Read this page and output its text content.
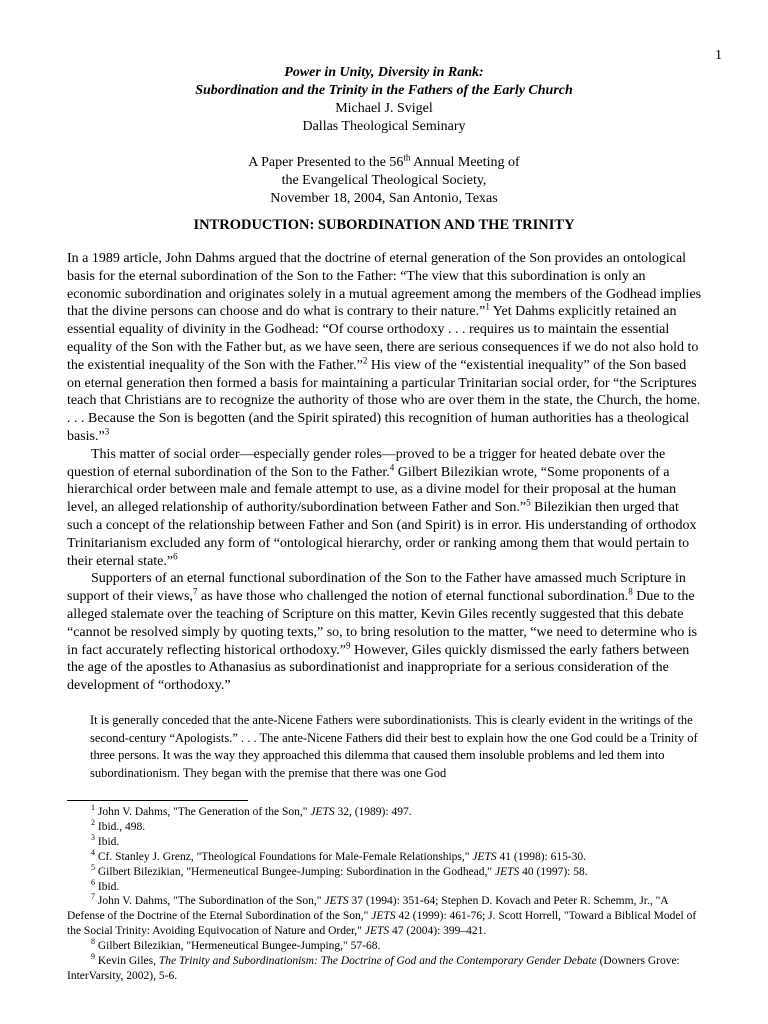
1
Power in Unity, Diversity in Rank:
Subordination and the Trinity in the Fathers of the Early Church
Michael J. Svigel
Dallas Theological Seminary
A Paper Presented to the 56th Annual Meeting of
the Evangelical Theological Society,
November 18, 2004, San Antonio, Texas
INTRODUCTION: SUBORDINATION AND THE TRINITY

In a 1989 article, John Dahms argued that the doctrine of eternal generation of the Son provides an ontological basis for the eternal subordination of the Son to the Father: “The view that this subordination is only an economic subordination and originates solely in a mutual agreement among the members of the Godhead implies that the divine persons can choose and do what is contrary to their nature.”$^1$ Yet Dahms explicitly retained an essential equality of divinity in the Godhead: “Of course orthodoxy . . . requires us to maintain the essential equality of the Son with the Father but, as we have seen, there are serious consequences if we do not also hold to the existential inequality of the Son with the Father.”$^2$ His view of the “existential inequality” of the Son based on eternal generation then formed a basis for maintaining a particular Trinitarian social order, for “the Scriptures teach that Christians are to recognize the authority of those who are over them in the state, the Church, the home. . . . Because the Son is begotten (and the Spirit spirated) this recognition of human authorities has a theological basis.”$^3$

This matter of social order—especially gender roles—proved to be a trigger for heated debate over the question of eternal subordination of the Son to the Father.$^4$ Gilbert Bilezikian wrote, “Some proponents of a hierarchical order between male and female attempt to use, as a divine model for their proposal at the human level, an alleged relationship of authority/subordination between Father and Son.”$^5$ Bilezikian then urged that such a concept of the relationship between Father and Son (and Spirit) is in error. His understanding of orthodox Trinitarianism excluded any form of “ontological hierarchy, order or ranking among them that would pertain to their eternal state.”$^6$

Supporters of an eternal functional subordination of the Son to the Father have amassed much Scripture in support of their views,$^7$ as have those who challenged the notion of eternal functional subordination.$^8$ Due to the alleged stalemate over the teaching of Scripture on this matter, Kevin Giles recently suggested that this debate “cannot be resolved simply by quoting texts,” so, to bring resolution to the matter, “we need to determine who is in fact accurately reflecting historical orthodoxy.”$^9$ However, Giles quickly dismissed the early fathers between the age of the apostles to Athanasius as subordinationist and inappropriate for a serious consideration of the development of “orthodoxy.”

It is generally conceded that the ante-Nicene Fathers were subordinationists. This is clearly evident in the writings of the second-century “Apologists.” . . . The ante-Nicene Fathers did their best to explain how the one God could be a Trinity of three persons. It was the way they approached this dilemma that caused them insoluble problems and led them into subordinationism. They began with the premise that there was one God

$^1$ John V. Dahms, "The Generation of the Son," JETS 32, (1989): 497.

$^2$ Ibid., 498.

$^3$ Ibid.

$^4$ Cf. Stanley J. Grenz, "Theological Foundations for Male-Female Relationships," JETS 41 (1998): 615-30.

$^5$ Gilbert Bilezikian, "Hermeneutical Bungee-Jumping: Subordination in the Godhead," JETS 40 (1997): 58.

$^6$ Ibid.

$^7$ John V. Dahms, "The Subordination of the Son," JETS 37 (1994): 351-64; Stephen D. Kovach and Peter R. Schemm, Jr., "A Defense of the Doctrine of the Eternal Subordination of the Son," JETS 42 (1999): 461-76; J. Scott Horrell, "Toward a Biblical Model of the Social Trinity: Avoiding Equivocation of Nature and Order," JETS 47 (2004): 399–421.

$^8$ Gilbert Bilezikian, "Hermeneutical Bungee-Jumping," 57-68.

$^9$ Kevin Giles, The Trinity and Subordinationism: The Doctrine of God and the Contemporary Gender Debate (Downers Grove: InterVarsity, 2002), 5-6.
